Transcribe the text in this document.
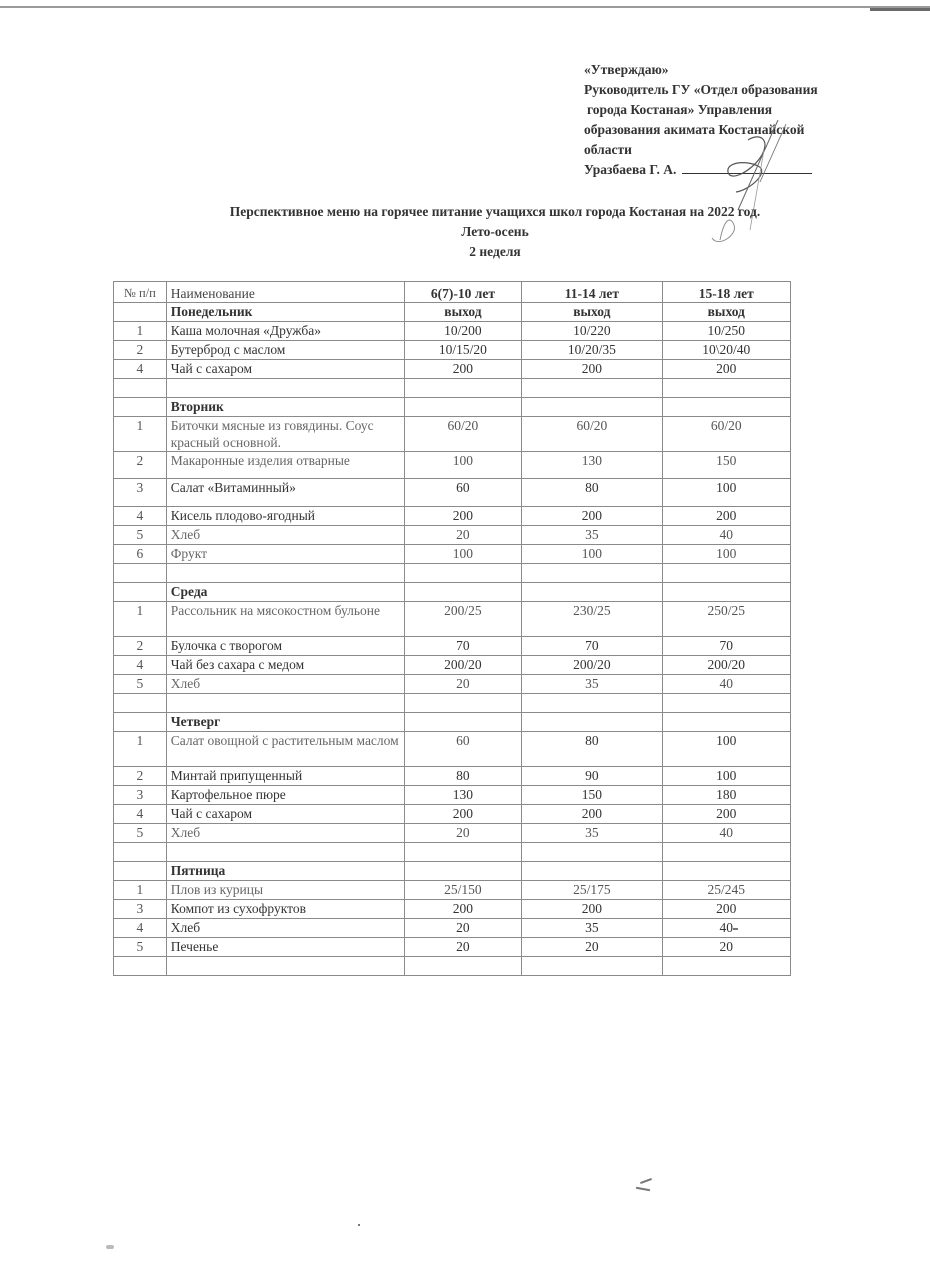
«Утверждаю»
Руководитель ГУ «Отдел образования
города Костаная» Управления
образования акимата Костанайской
области
Уразбаева Г. А.
Перспективное меню на горячее питание учащихся школ города Костаная на 2022 год.
Лето-осень
2 неделя
№ п/п	Наименование	6(7)-10 лет	11-14 лет	15-18 лет
	Понедельник	выход	выход	выход
1	Каша молочная «Дружба»	10/200	10/220	10/250
2	Бутерброд с маслом	10/15/20	10/20/35	10\20/40
4	Чай с сахаром	200	200	200

	Вторник			
1	Биточки мясные из говядины. Соус красный основной.	60/20	60/20	60/20
2	Макаронные изделия отварные	100	130	150
3	Салат «Витаминный»	60	80	100
4	Кисель плодово-ягодный	200	200	200
5	Хлеб	20	35	40
6	Фрукт	100	100	100

	Среда			
1	Рассольник на мясокостном бульоне	200/25	230/25	250/25
2	Булочка с творогом	70	70	70
4	Чай без сахара с медом	200/20	200/20	200/20
5	Хлеб	20	35	40

	Четверг			
1	Салат овощной с растительным маслом	60	80	100
2	Минтай припущенный	80	90	100
3	Картофельное пюре	130	150	180
4	Чай с сахаром	200	200	200
5	Хлеб	20	35	40

	Пятница			
1	Плов из курицы	25/150	25/175	25/245
3	Компот из сухофруктов	200	200	200
4	Хлеб	20	35	40
5	Печенье	20	20	20
